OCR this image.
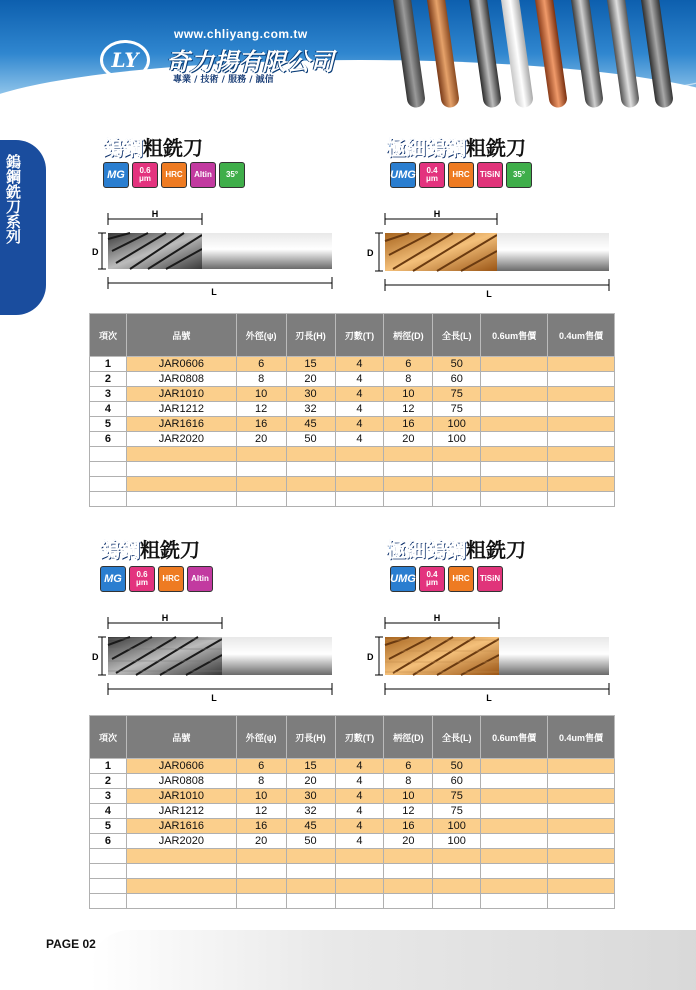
LY
www.chliyang.com.tw
奇力揚有限公司
專業 / 技術 / 服務 / 誠信
鎢鋼銑刀系列
鎢鋼粗銑刀	極細鎢鋼粗銑刀
MG	0.6 μm	HRC	Altin	35°	UMG	0.4 μm	HRC	TiSiN	35°
H
D
L
H
D
L
項次	品號	外徑(ψ)	刃長(H)	刃數(T)	柄徑(D)	全長(L)	0.6um售價	0.4um售價
1	JAR0606	6	15	4	6	50		
2	JAR0808	8	20	4	8	60		
3	JAR1010	10	30	4	10	75		
4	JAR1212	12	32	4	12	75		
5	JAR1616	16	45	4	16	100		
6	JAR2020	20	50	4	20	100		

鎢鋼粗銑刀	極細鎢鋼粗銑刀
MG	0.6 μm	HRC	Altin	UMG	0.4 μm	HRC	TiSiN
H
D
L
H
D
L
項次	品號	外徑(ψ)	刃長(H)	刃數(T)	柄徑(D)	全長(L)	0.6um售價	0.4um售價
1	JAR0606	6	15	4	6	50		
2	JAR0808	8	20	4	8	60		
3	JAR1010	10	30	4	10	75		
4	JAR1212	12	32	4	12	75		
5	JAR1616	16	45	4	16	100		
6	JAR2020	20	50	4	20	100		

PAGE 02
